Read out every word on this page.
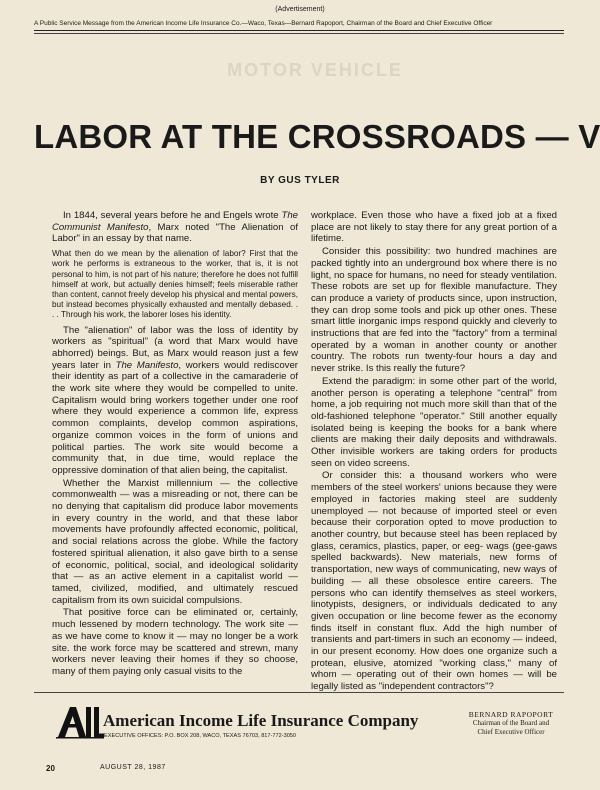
(Advertisement)
A Public Service Message from the American Income Life Insurance Co.—Waco, Texas—Bernard Rapoport, Chairman of the Board and Chief Executive Officer
MOTOR VEHICLE
LABOR AT THE CROSSROADS — V
BY GUS TYLER

In 1844, several years before he and Engels wrote The Communist Manifesto, Marx noted "The Alienation of Labor" in an essay by that name.

What then do we mean by the alienation of labor? First that the work he performs is extraneous to the worker, that is, it is not personal to him, is not part of his nature; therefore he does not fulfill himself at work, but actually denies himself; feels miserable rather than content, cannot freely develop his physical and mental powers, but instead becomes physically exhausted and mentally debased. . . . Through his work, the laborer loses his identity.

The "alienation" of labor was the loss of identity by workers as "spiritual" (a word that Marx would have abhorred) beings. But, as Marx would reason just a few years later in The Manifesto, workers would rediscover their identity as part of a collective in the camaraderie of the work site where they would be compelled to unite. Capitalism would bring workers together under one roof where they would experience a common life, express common complaints, develop common aspirations, organize common voices in the form of unions and political parties. The work site would become a community that, in due time, would replace the oppressive domination of that alien being, the capitalist.

Whether the Marxist millennium — the collective commonwealth — was a misreading or not, there can be no denying that capitalism did produce labor movements in every country in the world, and that these labor movements have profoundly affected economic, political, and social relations across the globe. While the factory fostered spiritual alienation, it also gave birth to a sense of economic, political, social, and ideological solidarity that — as an active element in a capitalist world — tamed, civilized, modified, and ultimately rescued capitalism from its own suicidal compulsions.

That positive force can be eliminated or, certainly, much lessened by modern technology. The work site — as we have come to know it — may no longer be a work site. the work force may be scattered and strewn, many workers never leaving their homes if they so choose, many of them paying only casual visits to the

workplace. Even those who have a fixed job at a fixed place are not likely to stay there for any great portion of a lifetime.

Consider this possibility: two hundred machines are packed tightly into an underground box where there is no light, no space for humans, no need for steady ventilation. These robots are set up for flexible manufacture. They can produce a variety of products since, upon instruction, they can drop some tools and pick up other ones. These smart little inorganic imps respond quickly and cleverly to instructions that are fed into the "factory" from a terminal operated by a woman in another county or another country. The robots run twenty-four hours a day and never strike. Is this really the future?

Extend the paradigm: in some other part of the world, another person is operating a telephone "central" from home, a job requiring not much more skill than that of the old-fashioned telephone "operator." Still another equally isolated being is keeping the books for a bank where clients are making their daily deposits and withdrawals. Other invisible workers are taking orders for products seen on video screens.

Or consider this: a thousand workers who were members of the steel workers' unions because they were employed in factories making steel are suddenly unemployed — not because of imported steel or even because their corporation opted to move production to another country, but because steel has been replaced by glass, ceramics, plastics, paper, or eeg- wags (gee-gaws spelled backwards). New materials, new forms of transportation, new ways of communicating, new ways of building — all these obsolesce entire careers. The persons who can identify themselves as steel workers, linotypists, designers, or individuals dedicated to any given occupation or line become fewer as the economy finds itself in constant flux. Add the high number of transients and part-timers in such an economy — indeed, in our present economy. How does one organize such a protean, elusive, atomized "working class," many of whom — operating out of their own homes — will be legally listed as "independent contractors"?

American Income Life Insurance Company
EXECUTIVE OFFICES: P.O. BOX 208, WACO, TEXAS 76703, 817-772-3050
BERNARD RAPOPORT
Chairman of the Board and
Chief Executive Officer
20	AUGUST 28, 1987
